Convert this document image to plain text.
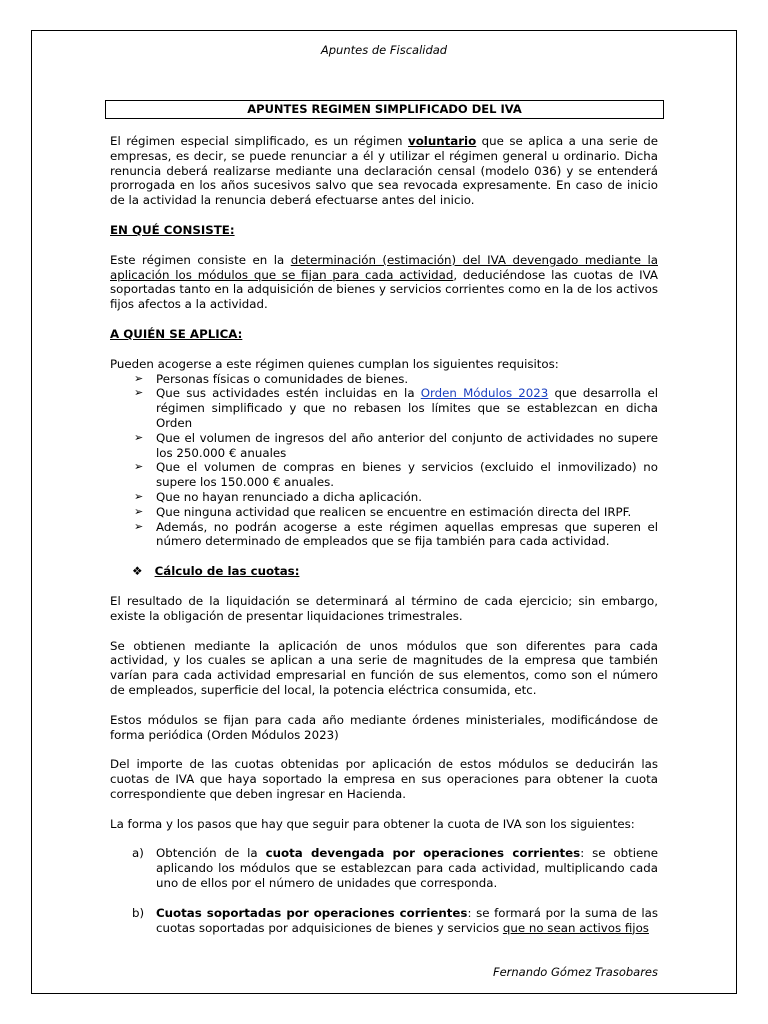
Apuntes de Fiscalidad
APUNTES REGIMEN SIMPLIFICADO DEL IVA

El régimen especial simplificado, es un régimen voluntario que se aplica a una serie de empresas, es decir, se puede renunciar a él y utilizar el régimen general u ordinario. Dicha renuncia deberá realizarse mediante una declaración censal (modelo 036) y se entenderá prorrogada en los años sucesivos salvo que sea revocada expresamente. En caso de inicio de la actividad la renuncia deberá efectuarse antes del inicio.

EN QUÉ CONSISTE:

Este régimen consiste en la determinación (estimación) del IVA devengado mediante la aplicación los módulos que se fijan para cada actividad, deduciéndose las cuotas de IVA soportadas tanto en la adquisición de bienes y servicios corrientes como en la de los activos fijos afectos a la actividad.

A QUIÉN SE APLICA:

Pueden acogerse a este régimen quienes cumplan los siguientes requisitos:

➢ Personas físicas o comunidades de bienes.
➢ Que sus actividades estén incluidas en la Orden Módulos 2023 que desarrolla el régimen simplificado y que no rebasen los límites que se establezcan en dicha Orden
➢ Que el volumen de ingresos del año anterior del conjunto de actividades no supere los 250.000 € anuales
➢ Que el volumen de compras en bienes y servicios (excluido el inmovilizado) no supere los 150.000 € anuales.
➢ Que no hayan renunciado a dicha aplicación.
➢ Que ninguna actividad que realicen se encuentre en estimación directa del IRPF.
➢ Además, no podrán acogerse a este régimen aquellas empresas que superen el número determinado de empleados que se fija también para cada actividad.

❖ Cálculo de las cuotas:

El resultado de la liquidación se determinará al término de cada ejercicio; sin embargo, existe la obligación de presentar liquidaciones trimestrales.

Se obtienen mediante la aplicación de unos módulos que son diferentes para cada actividad, y los cuales se aplican a una serie de magnitudes de la empresa que también varían para cada actividad empresarial en función de sus elementos, como son el número de empleados, superficie del local, la potencia eléctrica consumida, etc.

Estos módulos se fijan para cada año mediante órdenes ministeriales, modificándose de forma periódica (Orden Módulos 2023)

Del importe de las cuotas obtenidas por aplicación de estos módulos se deducirán las cuotas de IVA que haya soportado la empresa en sus operaciones para obtener la cuota correspondiente que deben ingresar en Hacienda.

La forma y los pasos que hay que seguir para obtener la cuota de IVA son los siguientes:

a) Obtención de la cuota devengada por operaciones corrientes: se obtiene aplicando los módulos que se establezcan para cada actividad, multiplicando cada uno de ellos por el número de unidades que corresponda.
b) Cuotas soportadas por operaciones corrientes: se formará por la suma de las cuotas soportadas por adquisiciones de bienes y servicios que no sean activos fijos
Fernando Gómez Trasobares
